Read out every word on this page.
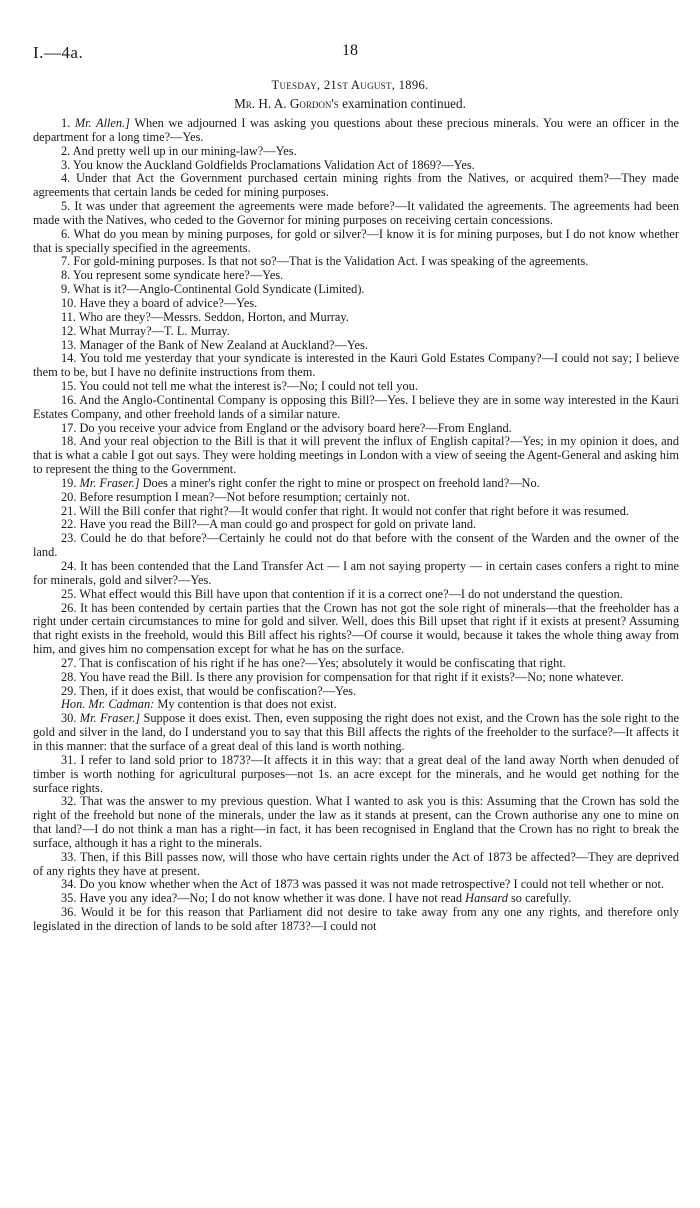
I.—4a.	18
Tuesday, 21st August, 1896.
Mr. H. A. Gordon's examination continued.

1. Mr. Allen.] When we adjourned I was asking you questions about these precious minerals. You were an officer in the department for a long time?—Yes.

2. And pretty well up in our mining-law?—Yes.

3. You know the Auckland Goldfields Proclamations Validation Act of 1869?—Yes.

4. Under that Act the Government purchased certain mining rights from the Natives, or acquired them?—They made agreements that certain lands be ceded for mining purposes.

5. It was under that agreement the agreements were made before?—It validated the agreements. The agreements had been made with the Natives, who ceded to the Governor for mining purposes on receiving certain concessions.

6. What do you mean by mining purposes, for gold or silver?—I know it is for mining purposes, but I do not know whether that is specially specified in the agreements.

7. For gold-mining purposes. Is that not so?—That is the Validation Act. I was speaking of the agreements.

8. You represent some syndicate here?—Yes.

9. What is it?—Anglo-Continental Gold Syndicate (Limited).

10. Have they a board of advice?—Yes.

11. Who are they?—Messrs. Seddon, Horton, and Murray.

12. What Murray?—T. L. Murray.

13. Manager of the Bank of New Zealand at Auckland?—Yes.

14. You told me yesterday that your syndicate is interested in the Kauri Gold Estates Company?—I could not say; I believe them to be, but I have no definite instructions from them.

15. You could not tell me what the interest is?—No; I could not tell you.

16. And the Anglo-Continental Company is opposing this Bill?—Yes. I believe they are in some way interested in the Kauri Estates Company, and other freehold lands of a similar nature.

17. Do you receive your advice from England or the advisory board here?—From England.

18. And your real objection to the Bill is that it will prevent the influx of English capital?—Yes; in my opinion it does, and that is what a cable I got out says. They were holding meetings in London with a view of seeing the Agent-General and asking him to represent the thing to the Government.

19. Mr. Fraser.] Does a miner's right confer the right to mine or prospect on freehold land?—No.

20. Before resumption I mean?—Not before resumption; certainly not.

21. Will the Bill confer that right?—It would confer that right. It would not confer that right before it was resumed.

22. Have you read the Bill?—A man could go and prospect for gold on private land.

23. Could he do that before?—Certainly he could not do that before with the consent of the Warden and the owner of the land.

24. It has been contended that the Land Transfer Act — I am not saying property — in certain cases confers a right to mine for minerals, gold and silver?—Yes.

25. What effect would this Bill have upon that contention if it is a correct one?—I do not understand the question.

26. It has been contended by certain parties that the Crown has not got the sole right of minerals—that the freeholder has a right under certain circumstances to mine for gold and silver. Well, does this Bill upset that right if it exists at present? Assuming that right exists in the freehold, would this Bill affect his rights?—Of course it would, because it takes the whole thing away from him, and gives him no compensation except for what he has on the surface.

27. That is confiscation of his right if he has one?—Yes; absolutely it would be confiscating that right.

28. You have read the Bill. Is there any provision for compensation for that right if it exists?—No; none whatever.

29. Then, if it does exist, that would be confiscation?—Yes.

Hon. Mr. Cadman: My contention is that does not exist.

30. Mr. Fraser.] Suppose it does exist. Then, even supposing the right does not exist, and the Crown has the sole right to the gold and silver in the land, do I understand you to say that this Bill affects the rights of the freeholder to the surface?—It affects it in this manner: that the surface of a great deal of this land is worth nothing.

31. I refer to land sold prior to 1873?—It affects it in this way: that a great deal of the land away North when denuded of timber is worth nothing for agricultural purposes—not 1s. an acre except for the minerals, and he would get nothing for the surface rights.

32. That was the answer to my previous question. What I wanted to ask you is this: Assuming that the Crown has sold the right of the freehold but none of the minerals, under the law as it stands at present, can the Crown authorise any one to mine on that land?—I do not think a man has a right—in fact, it has been recognised in England that the Crown has no right to break the surface, although it has a right to the minerals.

33. Then, if this Bill passes now, will those who have certain rights under the Act of 1873 be affected?—They are deprived of any rights they have at present.

34. Do you know whether when the Act of 1873 was passed it was not made retrospective? I could not tell whether or not.

35. Have you any idea?—No; I do not know whether it was done. I have not read Hansard so carefully.

36. Would it be for this reason that Parliament did not desire to take away from any one any rights, and therefore only legislated in the direction of lands to be sold after 1873?—I could not
